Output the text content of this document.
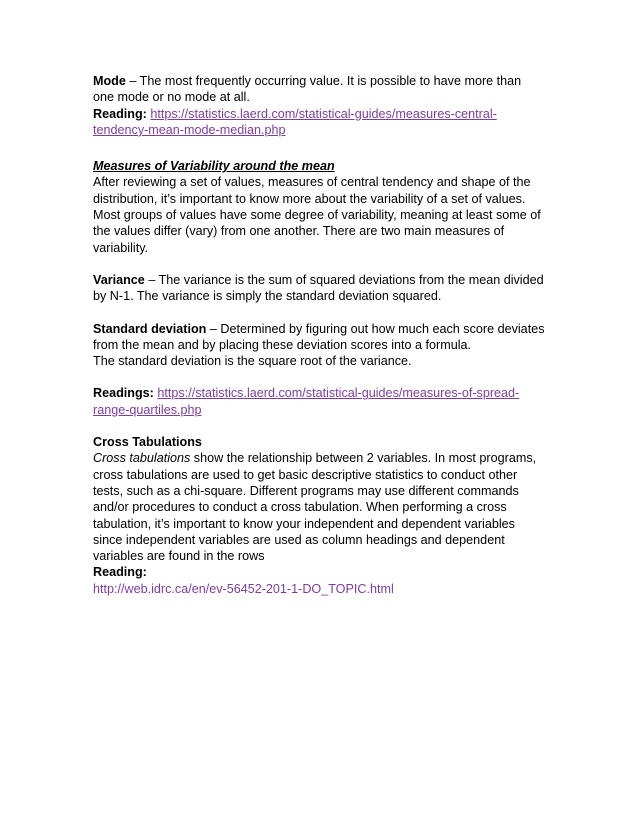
Mode – The most frequently occurring value. It is possible to have more than

one mode or no mode at all.

Reading: https://statistics.laerd.com/statistical-guides/measures-central-

tendency-mean-mode-median.php

Measures of Variability around the mean

After reviewing a set of values, measures of central tendency and shape of the

distribution, it’s important to know more about the variability of a set of values.

Most groups of values have some degree of variability, meaning at least some of

the values differ (vary) from one another. There are two main measures of

variability.

Variance – The variance is the sum of squared deviations from the mean divided

by N-1. The variance is simply the standard deviation squared.

Standard deviation – Determined by figuring out how much each score deviates

from the mean and by placing these deviation scores into a formula.

The standard deviation is the square root of the variance.

Readings: https://statistics.laerd.com/statistical-guides/measures-of-spread-

range-quartiles.php

Cross Tabulations

Cross tabulations show the relationship between 2 variables. In most programs,

cross tabulations are used to get basic descriptive statistics to conduct other

tests, such as a chi-square. Different programs may use different commands

and/or procedures to conduct a cross tabulation. When performing a cross

tabulation, it’s important to know your independent and dependent variables

since independent variables are used as column headings and dependent

variables are found in the rows

Reading:

http://web.idrc.ca/en/ev-56452-201-1-DO_TOPIC.html
